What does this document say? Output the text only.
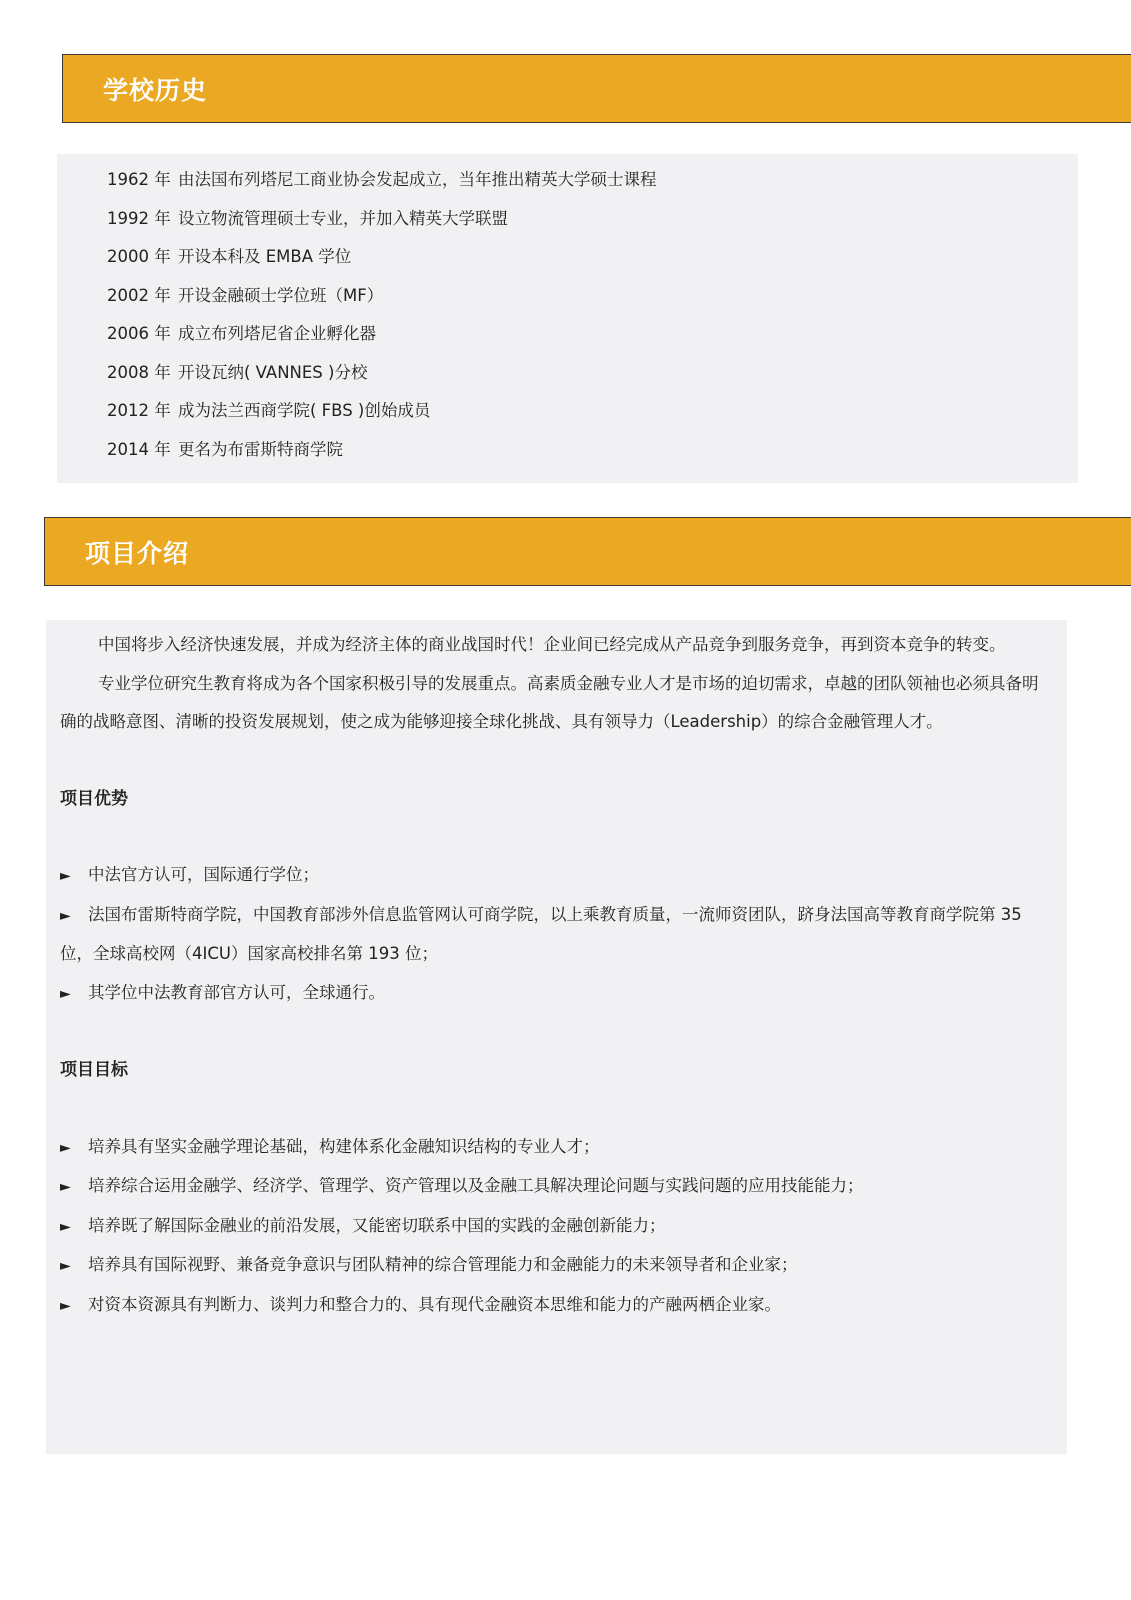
学校历史
1962 年 由法国布列塔尼工商业协会发起成立，当年推出精英大学硕士课程
1992 年 设立物流管理硕士专业，并加入精英大学联盟
2000 年 开设本科及 EMBA 学位
2002 年 开设金融硕士学位班（MF）
2006 年 成立布列塔尼省企业孵化器
2008 年 开设瓦纳( VANNES )分校
2012 年 成为法兰西商学院( FBS )创始成员
2014 年 更名为布雷斯特商学院
项目介绍

中国将步入经济快速发展，并成为经济主体的商业战国时代！企业间已经完成从产品竞争到服务竞争，再到资本竞争的转变。

专业学位研究生教育将成为各个国家积极引导的发展重点。高素质金融专业人才是市场的迫切需求，卓越的团队领袖也必须具备明确的战略意图、清晰的投资发展规划，使之成为能够迎接全球化挑战、具有领导力（Leadership）的综合金融管理人才。

项目优势

► 中法官方认可，国际通行学位；

► 法国布雷斯特商学院，中国教育部涉外信息监管网认可商学院，以上乘教育质量，一流师资团队，跻身法国高等教育商学院第 35 位，全球高校网（4ICU）国家高校排名第 193 位；

► 其学位中法教育部官方认可，全球通行。

项目目标

► 培养具有坚实金融学理论基础，构建体系化金融知识结构的专业人才；

► 培养综合运用金融学、经济学、管理学、资产管理以及金融工具解决理论问题与实践问题的应用技能能力；

► 培养既了解国际金融业的前沿发展，又能密切联系中国的实践的金融创新能力；

► 培养具有国际视野、兼备竞争意识与团队精神的综合管理能力和金融能力的未来领导者和企业家；

► 对资本资源具有判断力、谈判力和整合力的、具有现代金融资本思维和能力的产融两栖企业家。
